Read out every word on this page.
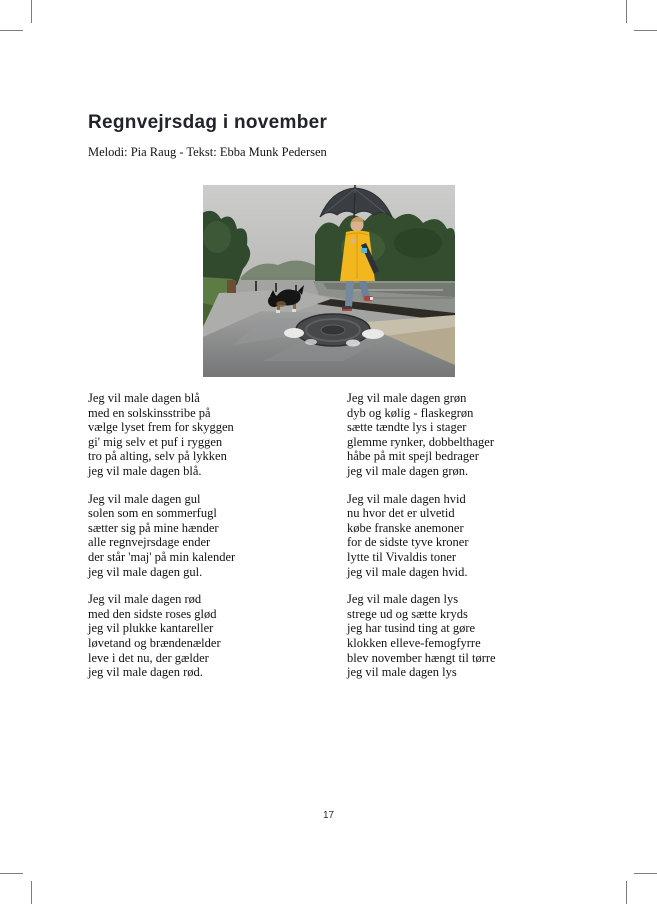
Regnvejrsdag i november
Melodi: Pia Raug - Tekst: Ebba Munk Pedersen
Jeg vil male dagen blå
med en solskinsstribe på
vælge lyset frem for skyggen
gi' mig selv et puf i ryggen
tro på alting, selv på lykken
jeg vil male dagen blå.
Jeg vil male dagen gul
solen som en sommerfugl
sætter sig på mine hænder
alle regnvejrsdage ender
der står 'maj' på min kalender
jeg vil male dagen gul.
Jeg vil male dagen rød
med den sidste roses glød
jeg vil plukke kantareller
løvetand og brændenælder
leve i det nu, der gælder
jeg vil male dagen rød.
Jeg vil male dagen grøn
dyb og kølig - flaskegrøn
sætte tændte lys i stager
glemme rynker, dobbelthager
håbe på mit spejl bedrager
jeg vil male dagen grøn.
Jeg vil male dagen hvid
nu hvor det er ulvetid
købe franske anemoner
for de sidste tyve kroner
lytte til Vivaldis toner
jeg vil male dagen hvid.
Jeg vil male dagen lys
strege ud og sætte kryds
jeg har tusind ting at gøre
klokken elleve-femogfyrre
blev november hængt til tørre
jeg vil male dagen lys
17
